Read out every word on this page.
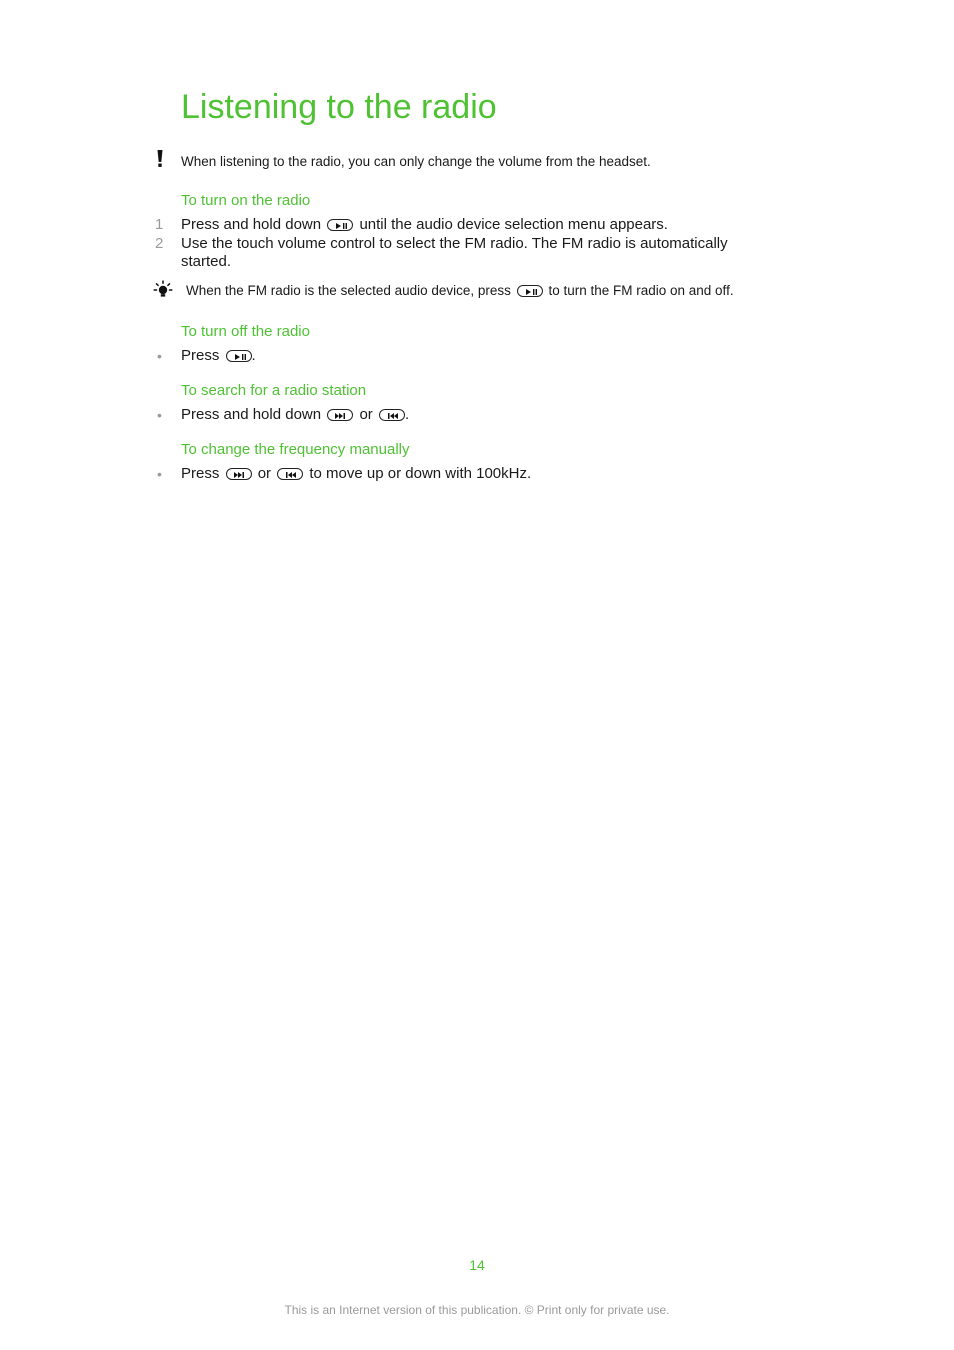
Listening to the radio
When listening to the radio, you can only change the volume from the headset.
To turn on the radio
1 Press and hold down	until the audio device selection menu appears.
2 Use the touch volume control to select the FM radio. The FM radio is automatically
started.
When the FM radio is the selected audio device, press	to turn the FM radio on and off.
To turn off the radio
• Press .
To search for a radio station
• Press and hold down	or .
To change the frequency manually
• Press	or	to move up or down with 100kHz.
14
This is an Internet version of this publication. © Print only for private use.
